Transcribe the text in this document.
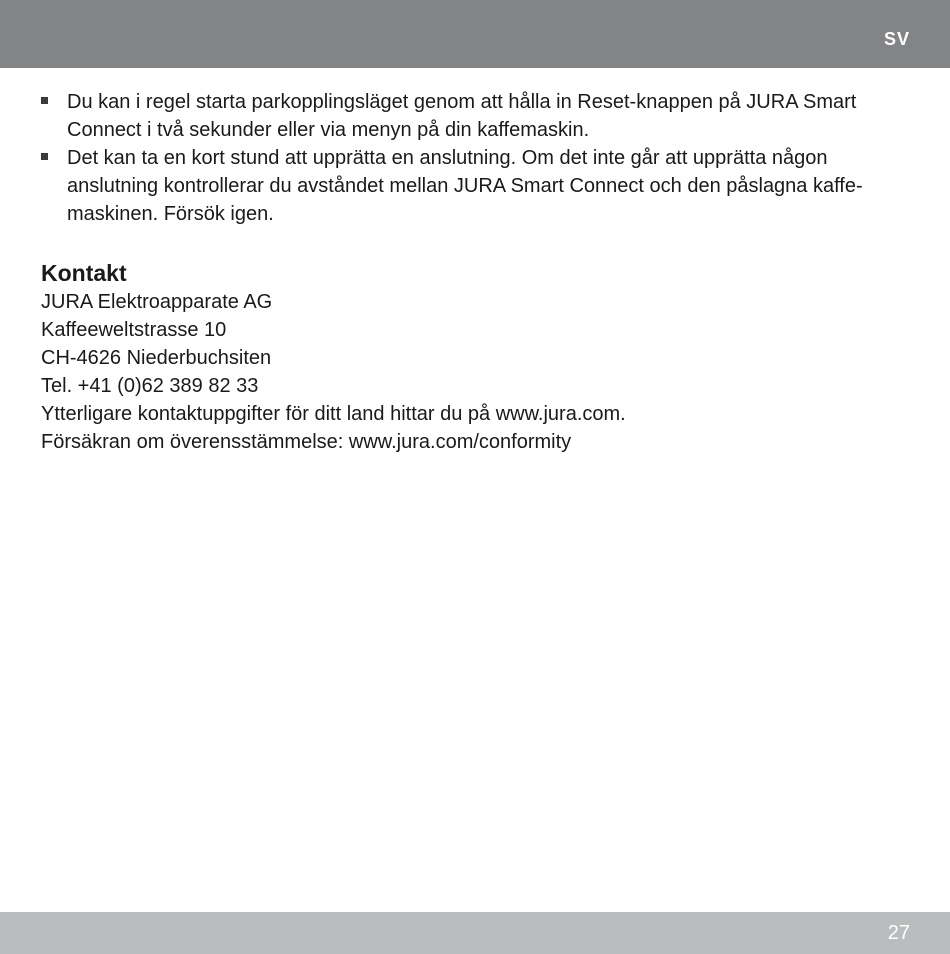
SV
Du kan i regel starta parkopplingsläget genom att hålla in Reset-knappen på JURA Smart Connect i två sekunder eller via menyn på din kaffemaskin.
Det kan ta en kort stund att upprätta en anslutning. Om det inte går att upprätta någon anslutning kontrollerar du avståndet mellan JURA Smart Connect och den påslagna kaffe-maskinen. Försök igen.
Kontakt
JURA Elektroapparate AG
Kaffeeweltstrasse 10
CH-4626 Niederbuchsiten
Tel. +41 (0)62 389 82 33
Ytterligare kontaktuppgifter för ditt land hittar du på www.jura.com.
Försäkran om överensstämmelse: www.jura.com/conformity
27
